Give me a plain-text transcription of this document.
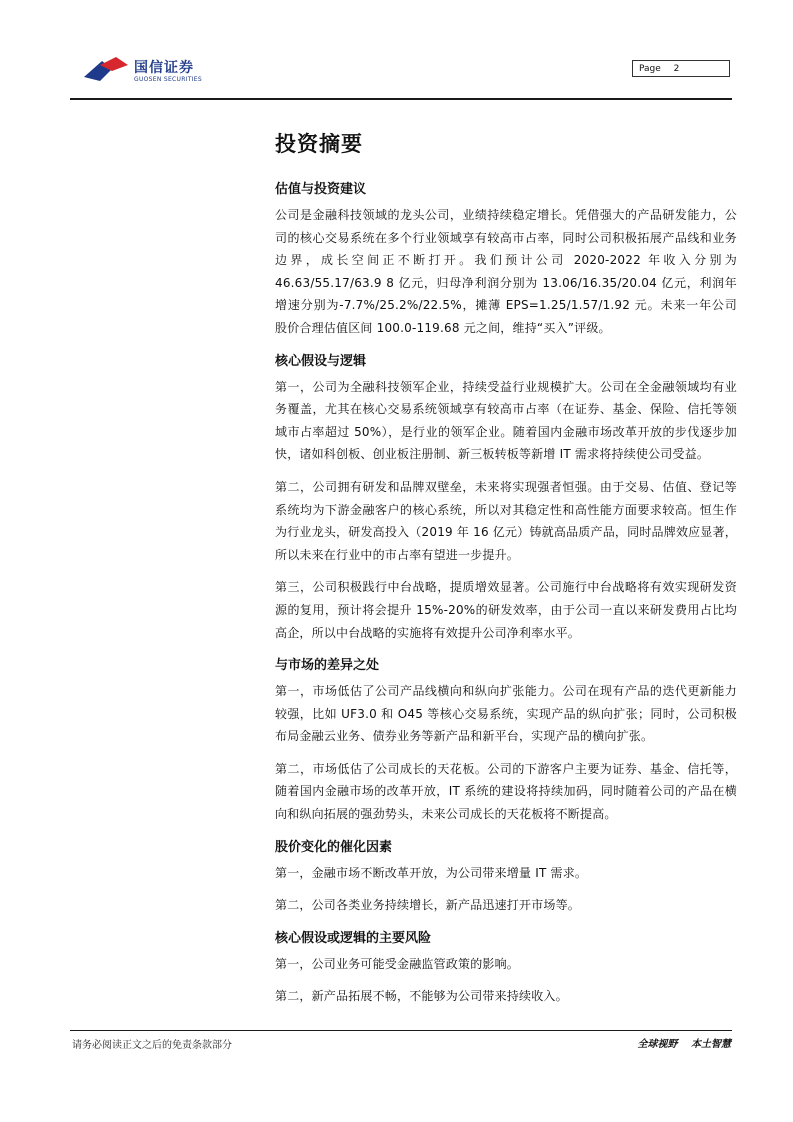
国信证券
GUOSEN SECURITIES
Page 2
投资摘要
估值与投资建议

公司是金融科技领域的龙头公司，业绩持续稳定增长。凭借强大的产品研发能力，公司的核心交易系统在多个行业领域享有较高市占率，同时公司积极拓展产品线和业务边界，成长空间正不断打开。我们预计公司 2020-2022 年收入分别为 46.63/55.17/63.9 8 亿元，归母净利润分别为 13.06/16.35/20.04 亿元，利润年增速分别为-7.7%/25.2%/22.5%，摊薄 EPS=1.25/1.57/1.92 元。未来一年公司股价合理估值区间 100.0-119.68 元之间，维持“买入”评级。

核心假设与逻辑

第一，公司为全融科技领军企业，持续受益行业规模扩大。公司在全金融领域均有业务覆盖，尤其在核心交易系统领域享有较高市占率（在证券、基金、保险、信托等领域市占率超过 50%），是行业的领军企业。随着国内金融市场改革开放的步伐逐步加快，诸如科创板、创业板注册制、新三板转板等新增 IT 需求将持续使公司受益。

第二，公司拥有研发和品牌双壁垒，未来将实现强者恒强。由于交易、估值、登记等系统均为下游金融客户的核心系统，所以对其稳定性和高性能方面要求较高。恒生作为行业龙头，研发高投入（2019 年 16 亿元）铸就高品质产品，同时品牌效应显著，所以未来在行业中的市占率有望进一步提升。

第三，公司积极践行中台战略，提质增效显著。公司施行中台战略将有效实现研发资源的复用，预计将会提升 15%-20%的研发效率，由于公司一直以来研发费用占比均高企，所以中台战略的实施将有效提升公司净利率水平。

与市场的差异之处

第一，市场低估了公司产品线横向和纵向扩张能力。公司在现有产品的迭代更新能力较强，比如 UF3.0 和 O45 等核心交易系统，实现产品的纵向扩张；同时，公司积极布局金融云业务、债券业务等新产品和新平台，实现产品的横向扩张。

第二，市场低估了公司成长的天花板。公司的下游客户主要为证券、基金、信托等，随着国内金融市场的改革开放，IT 系统的建设将持续加码，同时随着公司的产品在横向和纵向拓展的强劲势头，未来公司成长的天花板将不断提高。

股价变化的催化因素

第一，金融市场不断改革开放，为公司带来增量 IT 需求。

第二，公司各类业务持续增长，新产品迅速打开市场等。

核心假设或逻辑的主要风险

第一，公司业务可能受金融监管政策的影响。

第二，新产品拓展不畅，不能够为公司带来持续收入。

请务必阅读正文之后的免责条款部分	全球视野 本土智慧
